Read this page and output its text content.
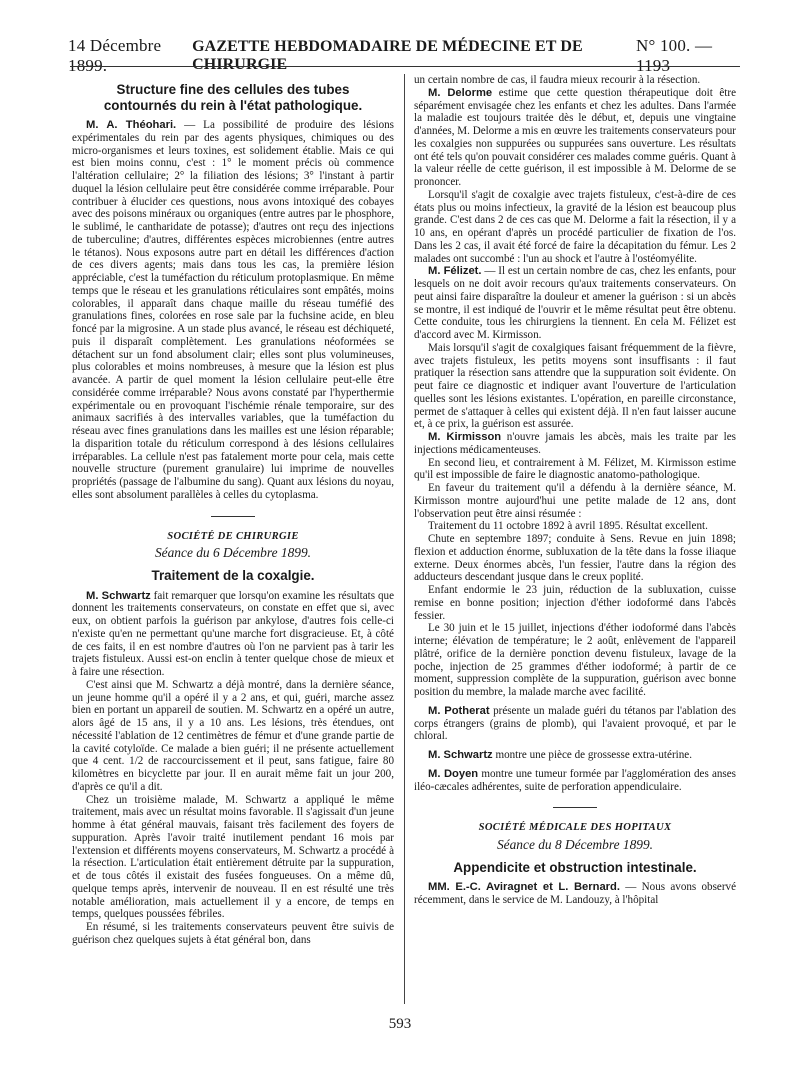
14 Décembre 1899.
GAZETTE HEBDOMADAIRE DE MÉDECINE ET DE CHIRURGIE
N° 100. — 1193
Structure fine des cellules des tubes
contournés du rein à l'état pathologique.

M. A. Théohari. — La possibilité de produire des lésions expérimentales du rein par des agents physiques, chimiques ou des micro-organismes et leurs toxines, est solidement établie. Mais ce qui est bien moins connu, c'est : 1° le moment précis où commence l'altération cellulaire; 2° la filiation des lésions; 3° l'instant à partir duquel la lésion cellulaire peut être considérée comme irréparable. Pour contribuer à élucider ces questions, nous avons intoxiqué des cobayes avec des poisons minéraux ou organiques (entre autres par le phosphore, le sublimé, le cantharidate de potasse); d'autres ont reçu des injections de tuberculine; d'autres, différentes espèces microbiennes (entre autres le tétanos). Nous exposons autre part en détail les différences d'action de ces divers agents; mais dans tous les cas, la première lésion appréciable, c'est la tuméfaction du réticulum protoplasmique. En même temps que le réseau et les granulations réticulaires sont empâtés, moins colorables, il apparaît dans chaque maille du réseau tuméfié des granulations fines, colorées en rose sale par la fuchsine acide, en bleu foncé par la migrosine. A un stade plus avancé, le réseau est déchiqueté, puis il disparaît complètement. Les granulations néoformées se détachent sur un fond absolument clair; elles sont plus volumineuses, plus colorables et moins nombreuses, à mesure que la lésion est plus avancée. A partir de quel moment la lésion cellulaire peut-elle être considérée comme irréparable? Nous avons constaté par l'hyperthermie expérimentale ou en provoquant l'ischémie rénale temporaire, sur des animaux sacrifiés à des intervalles variables, que la tuméfaction du réseau avec fines granulations dans les mailles est une lésion réparable; la disparition totale du réticulum correspond à des lésions cellulaires irréparables. La cellule n'est pas fatalement morte pour cela, mais cette nouvelle structure (purement granulaire) lui imprime de nouvelles propriétés (passage de l'albumine du sang). Quant aux lésions du noyau, elles sont absolument parallèles à celles du cytoplasma.

SOCIÉTÉ DE CHIRURGIE
Séance du 6 Décembre 1899.
Traitement de la coxalgie.

M. Schwartz fait remarquer que lorsqu'on examine les résultats que donnent les traitements conservateurs, on constate en effet que si, avec eux, on obtient parfois la guérison par ankylose, d'autres fois celle-ci n'existe qu'en ne permettant qu'une marche fort disgracieuse. Et, à côté de ces faits, il en est nombre d'autres où l'on ne parvient pas à tarir les trajets fistuleux. Aussi est-on enclin à tenter quelque chose de mieux et à faire une résection.

C'est ainsi que M. Schwartz a déjà montré, dans la dernière séance, un jeune homme qu'il a opéré il y a 2 ans, et qui, guéri, marche assez bien en portant un appareil de soutien. M. Schwartz en a opéré un autre, alors âgé de 15 ans, il y a 10 ans. Les lésions, très étendues, ont nécessité l'ablation de 12 centimètres de fémur et d'une grande partie de la cavité cotyloïde. Ce malade a bien guéri; il ne présente actuellement que 4 cent. 1/2 de raccourcissement et il peut, sans fatigue, faire 80 kilomètres en bicyclette par jour. Il en aurait même fait un jour 200, d'après ce qu'il a dit.

Chez un troisième malade, M. Schwartz a appliqué le même traitement, mais avec un résultat moins favorable. Il s'agissait d'un jeune homme à état général mauvais, faisant très facilement des foyers de suppuration. Après l'avoir traité inutilement pendant 16 mois par l'extension et différents moyens conservateurs, M. Schwartz a procédé à la résection. L'articulation était entièrement détruite par la suppuration, et de tous côtés il existait des fusées fongueuses. On a même dû, quelque temps après, intervenir de nouveau. Il en est résulté une très notable amélioration, mais actuellement il y a encore, de temps en temps, quelques poussées fébriles.

En résumé, si les traitements conservateurs peuvent être suivis de guérison chez quelques sujets à état général bon, dans

un certain nombre de cas, il faudra mieux recourir à la résection.

M. Delorme estime que cette question thérapeutique doit être séparément envisagée chez les enfants et chez les adultes. Dans l'armée la maladie est toujours traitée dès le début, et, depuis une vingtaine d'années, M. Delorme a mis en œuvre les traitements conservateurs pour les coxalgies non suppurées ou suppurées sans ouverture. Les résultats ont été tels qu'on pouvait considérer ces malades comme guéris. Quant à la valeur réelle de cette guérison, il est impossible à M. Delorme de se prononcer.

Lorsqu'il s'agit de coxalgie avec trajets fistuleux, c'est-à-dire de ces états plus ou moins infectieux, la gravité de la lésion est beaucoup plus grande. C'est dans 2 de ces cas que M. Delorme a fait la résection, il y a 10 ans, en opérant d'après un procédé particulier de fixation de l'os. Dans les 2 cas, il avait été forcé de faire la décapitation du fémur. Les 2 malades ont succombé : l'un au shock et l'autre à l'ostéomyélite.

M. Félizet. — Il est un certain nombre de cas, chez les enfants, pour lesquels on ne doit avoir recours qu'aux traitements conservateurs. On peut ainsi faire disparaître la douleur et amener la guérison : si un abcès se montre, il est indiqué de l'ouvrir et le même résultat peut être obtenu. Cette conduite, tous les chirurgiens la tiennent. En cela M. Félizet est d'accord avec M. Kirmisson.

Mais lorsqu'il s'agit de coxalgiques faisant fréquemment de la fièvre, avec trajets fistuleux, les petits moyens sont insuffisants : il faut pratiquer la résection sans attendre que la suppuration soit évidente. On peut faire ce diagnostic et indiquer avant l'ouverture de l'articulation quelles sont les lésions existantes. L'opération, en pareille circonstance, permet de s'attaquer à celles qui existent déjà. Il n'en faut laisser aucune et, à ce prix, la guérison est assurée.

M. Kirmisson n'ouvre jamais les abcès, mais les traite par les injections médicamenteuses.

En second lieu, et contrairement à M. Félizet, M. Kirmisson estime qu'il est impossible de faire le diagnostic anatomo-pathologique.

En faveur du traitement qu'il a défendu à la dernière séance, M. Kirmisson montre aujourd'hui une petite malade de 12 ans, dont l'observation peut être ainsi résumée :

Traitement du 11 octobre 1892 à avril 1895. Résultat excellent.

Chute en septembre 1897; conduite à Sens. Revue en juin 1898; flexion et adduction énorme, subluxation de la tête dans la fosse iliaque externe. Deux énormes abcès, l'un fessier, l'autre dans la région des adducteurs descendant jusque dans le creux poplité.

Enfant endormie le 23 juin, réduction de la subluxation, cuisse remise en bonne position; injection d'éther iodoformé dans l'abcès fessier.

Le 30 juin et le 15 juillet, injections d'éther iodoformé dans l'abcès interne; élévation de température; le 2 août, enlèvement de l'appareil plâtré, orifice de la dernière ponction devenu fistuleux, lavage de la poche, injection de 25 grammes d'éther iodoformé; à partir de ce moment, suppression complète de la suppuration, guérison avec bonne position du membre, la malade marche avec facilité.

M. Potherat présente un malade guéri du tétanos par l'ablation des corps étrangers (grains de plomb), qui l'avaient provoqué, et par le chloral.

M. Schwartz montre une pièce de grossesse extra-utérine.

M. Doyen montre une tumeur formée par l'agglomération des anses iléo-cæcales adhérentes, suite de perforation appendiculaire.

SOCIÉTÉ MÉDICALE DES HOPITAUX
Séance du 8 Décembre 1899.
Appendicite et obstruction intestinale.

MM. E.-C. Aviragnet et L. Bernard. — Nous avons observé récemment, dans le service de M. Landouzy, à l'hôpital

593
